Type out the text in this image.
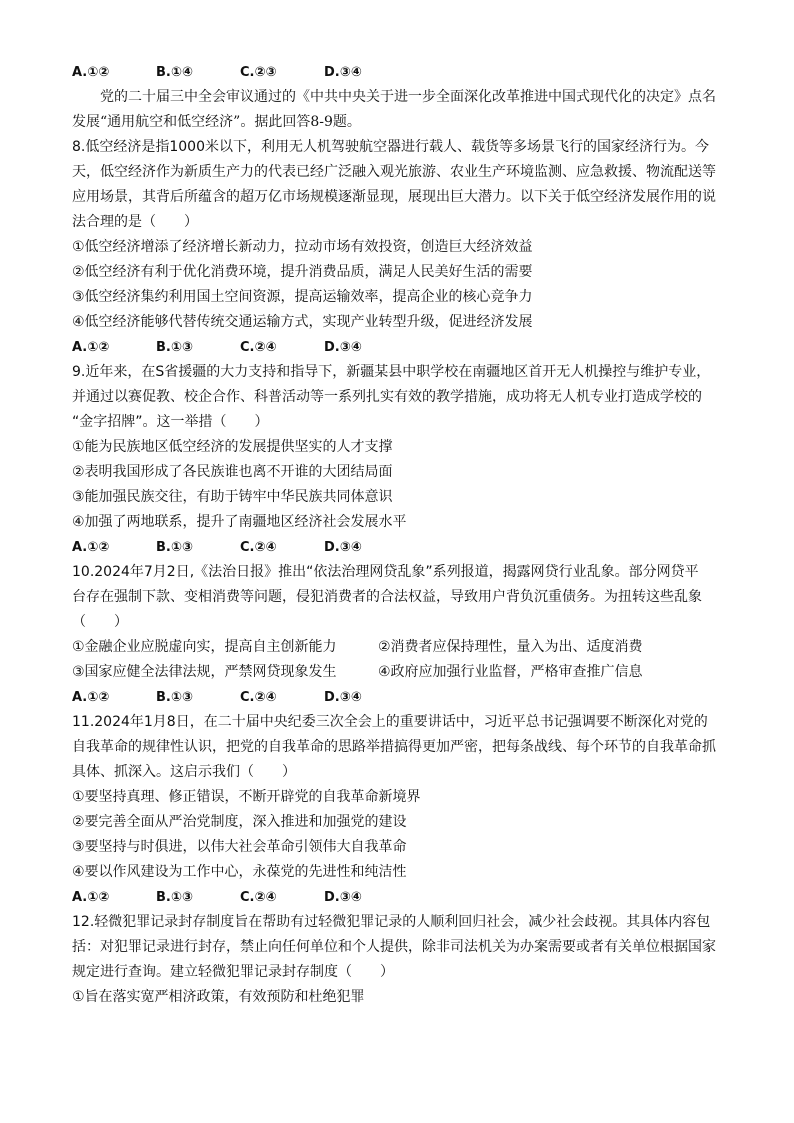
A.①②	B.①④	C.②③	D.③④
党的二十届三中全会审议通过的《中共中央关于进一步全面深化改革推进中国式现代化的决定》点名
发展“通用航空和低空经济”。据此回答8-9题。
8.低空经济是指1000米以下，利用无人机驾驶航空器进行载人、载货等多场景飞行的国家经济行为。今
天，低空经济作为新质生产力的代表已经广泛融入观光旅游、农业生产环境监测、应急救援、物流配送等
应用场景，其背后所蕴含的超万亿市场规模逐渐显现，展现出巨大潜力。以下关于低空经济发展作用的说
法合理的是（　　）
①低空经济增添了经济增长新动力，拉动市场有效投资，创造巨大经济效益
②低空经济有利于优化消费环境，提升消费品质，满足人民美好生活的需要
③低空经济集约利用国土空间资源，提高运输效率，提高企业的核心竞争力
④低空经济能够代替传统交通运输方式，实现产业转型升级，促进经济发展
A.①②	B.①③	C.②④	D.③④
9.近年来，在S省援疆的大力支持和指导下，新疆某县中职学校在南疆地区首开无人机操控与维护专业，
并通过以赛促教、校企合作、科普活动等一系列扎实有效的教学措施，成功将无人机专业打造成学校的
“金字招牌”。这一举措（　　）
①能为民族地区低空经济的发展提供坚实的人才支撑
②表明我国形成了各民族谁也离不开谁的大团结局面
③能加强民族交往，有助于铸牢中华民族共同体意识
④加强了两地联系，提升了南疆地区经济社会发展水平
A.①②	B.①③	C.②④	D.③④
10.2024年7月2日,《法治日报》推出“依法治理网贷乱象”系列报道，揭露网贷行业乱象。部分网贷平
台存在强制下款、变相消费等问题，侵犯消费者的合法权益，导致用户背负沉重债务。为扭转这些乱象
（　　）
①金融企业应脱虚向实，提高自主创新能力	②消费者应保持理性，量入为出、适度消费
③国家应健全法律法规，严禁网贷现象发生	④政府应加强行业监督，严格审查推广信息
A.①②	B.①③	C.②④	D.③④
11.2024年1月8日，在二十届中央纪委三次全会上的重要讲话中，习近平总书记强调要不断深化对党的
自我革命的规律性认识，把党的自我革命的思路举措搞得更加严密，把每条战线、每个环节的自我革命抓
具体、抓深入。这启示我们（　　）
①要坚持真理、修正错误，不断开辟党的自我革命新境界
②要完善全面从严治党制度，深入推进和加强党的建设
③要坚持与时俱进，以伟大社会革命引领伟大自我革命
④要以作风建设为工作中心，永葆党的先进性和纯洁性
A.①②	B.①③	C.②④	D.③④
12.轻微犯罪记录封存制度旨在帮助有过轻微犯罪记录的人顺利回归社会，减少社会歧视。其具体内容包
括：对犯罪记录进行封存，禁止向任何单位和个人提供，除非司法机关为办案需要或者有关单位根据国家
规定进行查询。建立轻微犯罪记录封存制度（　　）
①旨在落实宽严相济政策，有效预防和杜绝犯罪
